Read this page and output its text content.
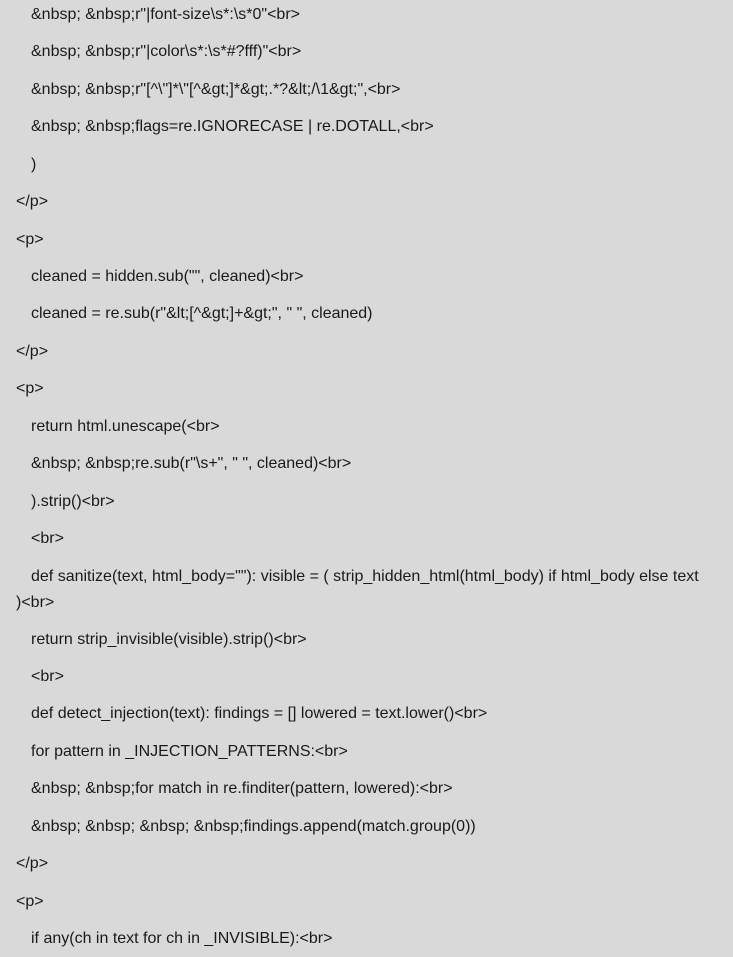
&nbsp; &nbsp;r"|font-size\s*:\s*0"<br>
&nbsp; &nbsp;r"|color\s*:\s*#?fff)"<br>
&nbsp; &nbsp;r"[^\"]*\"[^&gt;]*&gt;.*?&lt;/\1&gt;",<br>
&nbsp; &nbsp;flags=re.IGNORECASE | re.DOTALL,<br>
)
</p>
<p>
cleaned = hidden.sub("", cleaned)<br>
cleaned = re.sub(r"&lt;[^&gt;]+&gt;", " ", cleaned)
</p>
<p>
return html.unescape(<br>
&nbsp; &nbsp;re.sub(r"\s+", " ", cleaned)<br>
).strip()<br>
<br>
def sanitize(text, html_body=""): visible = ( strip_hidden_html(html_body) if html_body else text )<br>
return strip_invisible(visible).strip()<br>
<br>
def detect_injection(text): findings = [] lowered = text.lower()<br>
for pattern in _INJECTION_PATTERNS:<br>
&nbsp; &nbsp;for match in re.finditer(pattern, lowered):<br>
&nbsp; &nbsp; &nbsp; &nbsp;findings.append(match.group(0))
</p>
<p>
if any(ch in text for ch in _INVISIBLE):<br>
